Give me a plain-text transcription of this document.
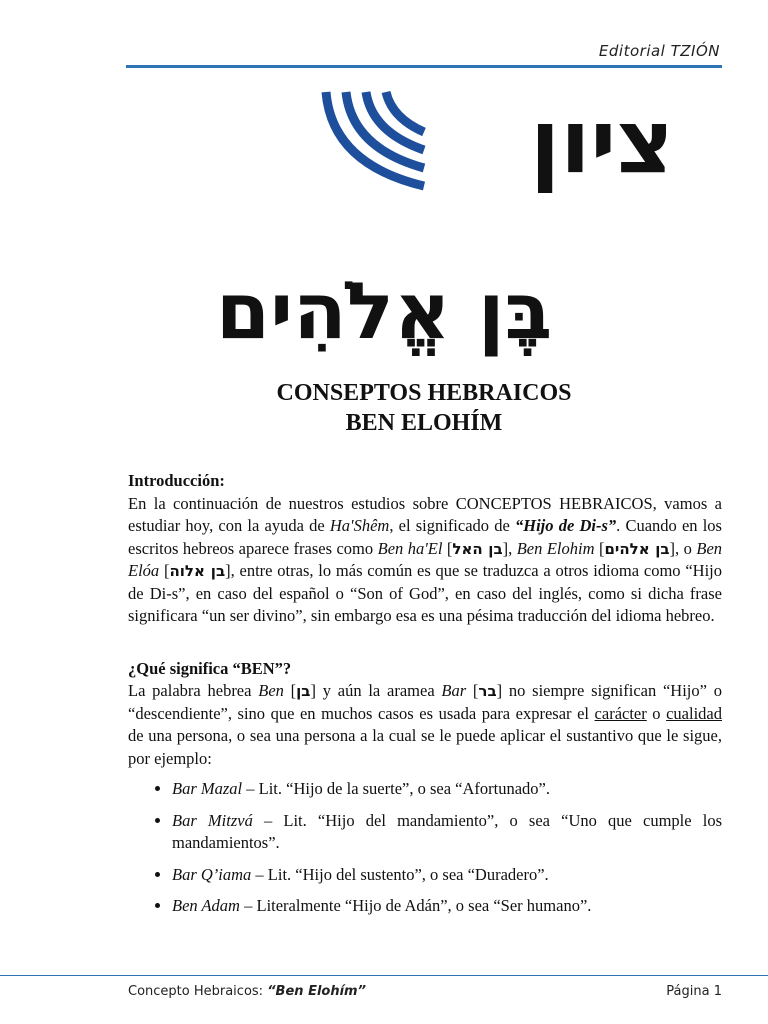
Editorial TZIÓN
ציון
בֶּן אֱלֹהִים
CONSEPTOS HEBRAICOS
BEN ELOHÍM

Introducción:

En la continuación de nuestros estudios sobre CONCEPTOS HEBRAICOS, vamos a estudiar hoy, con la ayuda de Ha'Shêm, el significado de “Hijo de Di-s”. Cuando en los escritos hebreos aparece frases como Ben ha'El [בן האל], Ben Elohim [בן אלהים], o Ben Elóa [בן אלוה], entre otras, lo más común es que se traduzca a otros idioma como “Hijo de Di-s”, en caso del español o “Son of God”, en caso del inglés, como si dicha frase significara “un ser divino”, sin embargo esa es una pésima traducción del idioma hebreo.

¿Qué significa “BEN”?

La palabra hebrea Ben [בן] y aún la aramea Bar [בר] no siempre significan “Hijo” o “descendiente”, sino que en muchos casos es usada para expresar el carácter o cualidad de una persona, o sea una persona a la cual se le puede aplicar el sustantivo que le sigue, por ejemplo:

• Bar Mazal – Lit. “Hijo de la suerte”, o sea “Afortunado”.
• Bar Mitzvá – Lit. “Hijo del mandamiento”, o sea “Uno que cumple los mandamientos”.
• Bar Q’iama – Lit. “Hijo del sustento”, o sea “Duradero”.
• Ben Adam – Literalmente “Hijo de Adán”, o sea “Ser humano”.
Concepto Hebraicos: “Ben Elohím”	Página 1
